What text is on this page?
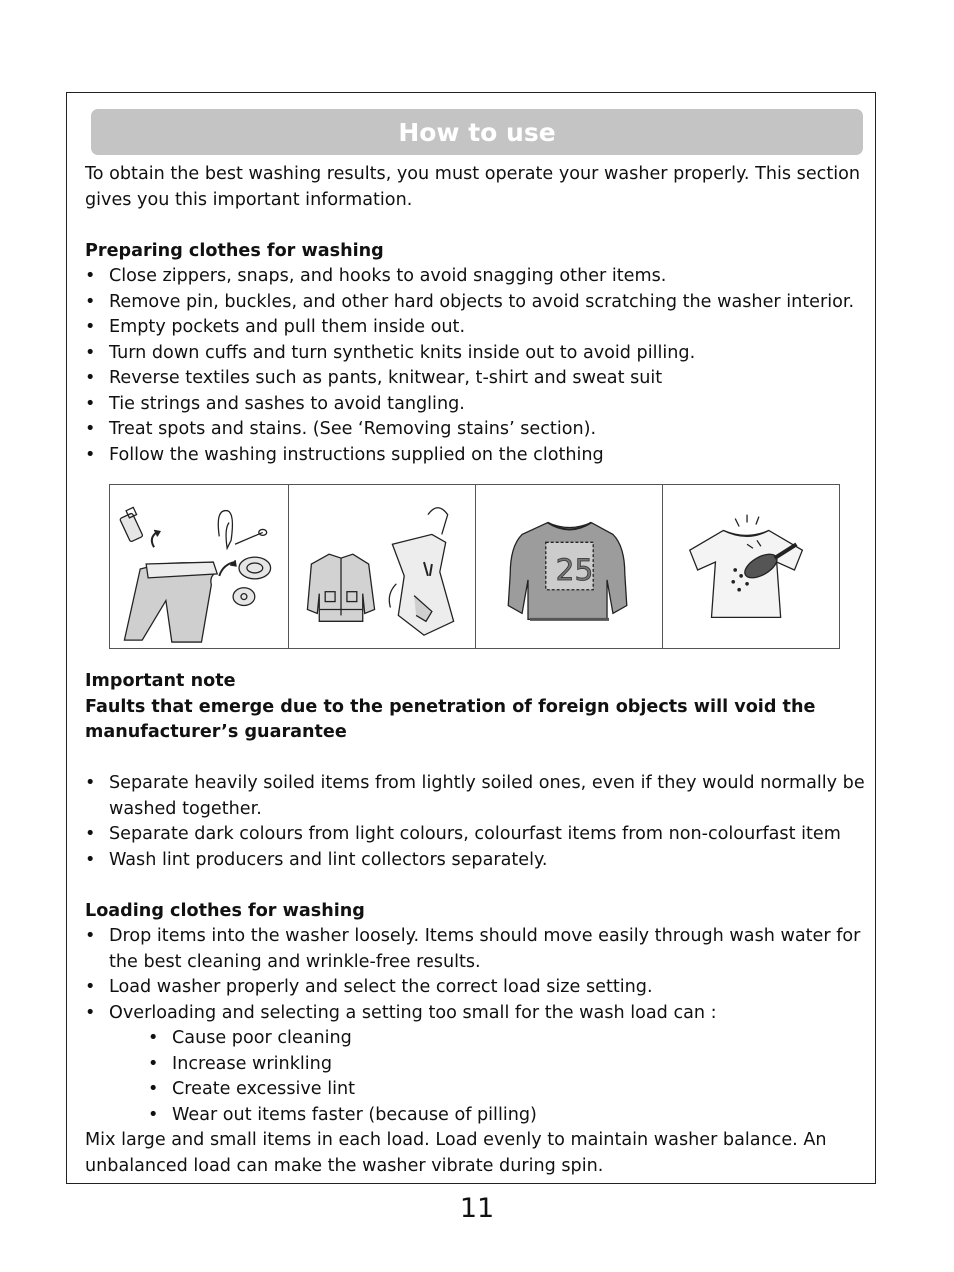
How to use

To obtain the best washing results, you must operate your washer properly. This section gives you this important information.

Preparing clothes for washing

• Close zippers, snaps, and hooks to avoid snagging other items.
• Remove pin, buckles, and other hard objects to avoid scratching the washer interior.
• Empty pockets and pull them inside out.
• Turn down cuffs and turn synthetic knits inside out to avoid pilling.
• Reverse textiles such as pants, knitwear, t-shirt and sweat suit
• Tie strings and sashes to avoid tangling.
• Treat spots and stains. (See ‘Removing stains’ section).
• Follow the washing instructions supplied on the clothing
25

Important note

Faults that emerge due to the penetration of foreign objects will void the manufacturer’s guarantee

• Separate heavily soiled items from lightly soiled ones, even if they would normally be washed together.
• Separate dark colours from light colours, colourfast items from non-colourfast item
• Wash lint producers and lint collectors separately.

Loading clothes for washing

• Drop items into the washer loosely. Items should move easily through wash water for the best cleaning and wrinkle-free results.
• Load washer properly and select the correct load size setting.
• Overloading and selecting a setting too small for the wash load can :
• Cause poor cleaning
• Increase wrinkling
• Create excessive lint
• Wear out items faster (because of pilling)

Mix large and small items in each load. Load evenly to maintain washer balance. An unbalanced load can make the washer vibrate during spin.

11
